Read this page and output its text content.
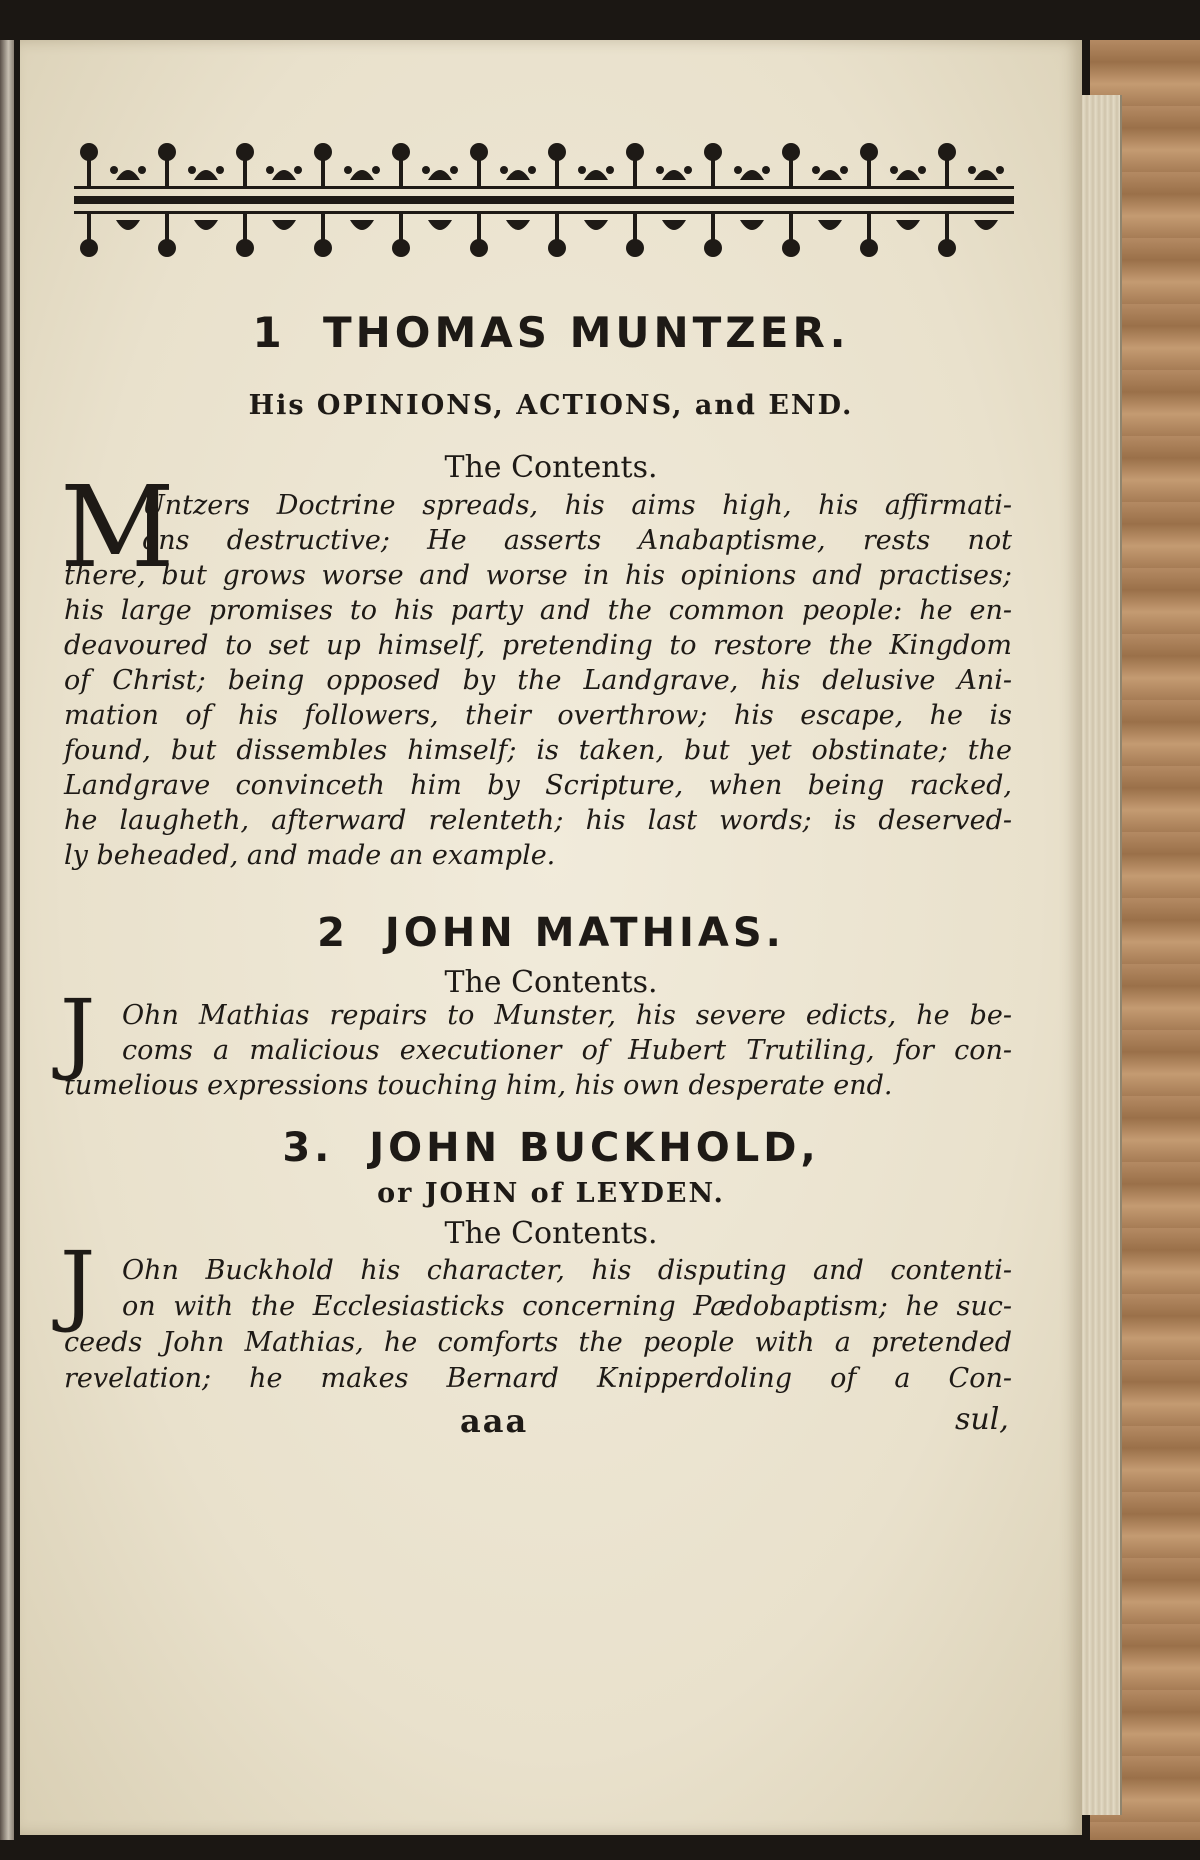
1 THOMAS MUNTZER.
His OPINIONS, ACTIONS, and END.
The Contents.
M
Untzers Doctrine spreads, his aims high, his affirmati-
ons destructive; He asserts Anabaptisme, rests not
there, but grows worse and worse in his opinions and practises;
his large promises to his party and the common people: he en-
deavoured to set up himself, pretending to restore the Kingdom
of Christ; being opposed by the Landgrave, his delusive Ani-
mation of his followers, their overthrow; his escape, he is
found, but dissembles himself; is taken, but yet obstinate; the
Landgrave convinceth him by Scripture, when being racked,
he laugheth, afterward relenteth; his last words; is deserved-
ly beheaded, and made an example.
2 JOHN MATHIAS.
The Contents.
J Ohn Mathias repairs to Munster, his severe edicts, he be-
coms a malicious executioner of Hubert Trutiling, for con-
tumelious expressions touching him, his own desperate end.
3. JOHN BUCKHOLD,
or JOHN of LEYDEN.
The Contents.
J Ohn Buckhold his character, his disputing and contenti-
on with the Ecclesiasticks concerning Pædobaptism; he suc-
ceeds John Mathias, he comforts the people with a pretended
revelation; he makes Bernard Knipperdoling of a Con-
aaa	sul,
